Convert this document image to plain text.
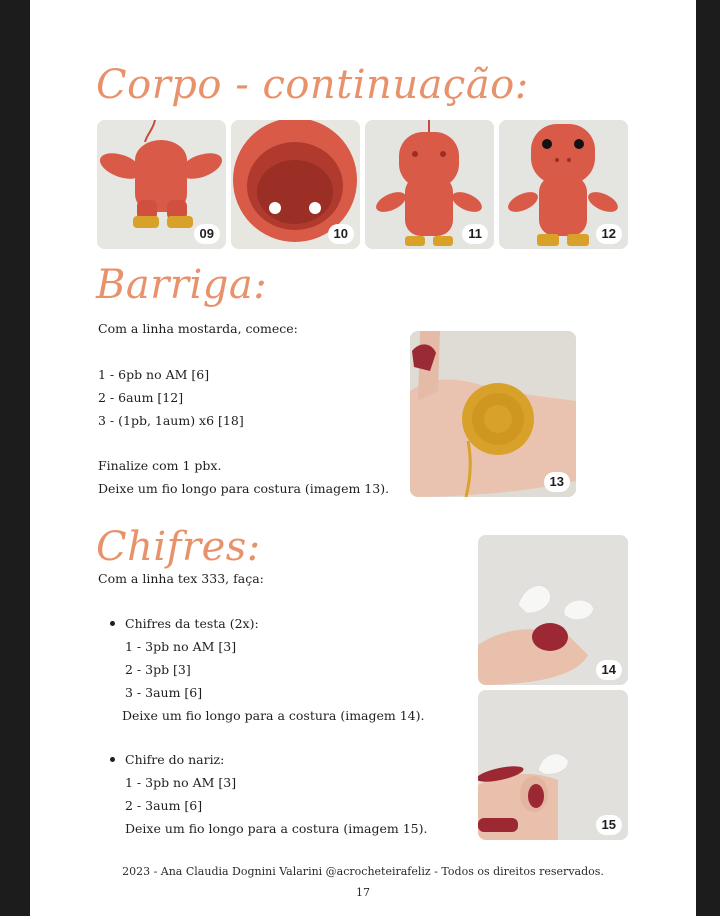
Corpo - continuação:
09	10	11	12
Barriga:
Com a linha mostarda, comece:
1 - 6pb no AM [6]
2 - 6aum [12]
3 - (1pb, 1aum) x6 [18]
Finalize com 1 pbx.
Deixe um fio longo para costura (imagem 13).	13
Chifres:
Com a linha tex 333, faça:
Chifres da testa (2x):
1 - 3pb no AM [3]
2 - 3pb [3]
3 - 3aum [6]
Deixe um fio longo para a costura (imagem 14).
Chifre do nariz:
1 - 3pb no AM [3]
2 - 3aum [6]
Deixe um fio longo para a costura (imagem 15).
14
15
2023 - Ana Claudia Dognini Valarini @acrocheteirafeliz - Todos os direitos reservados.
17
